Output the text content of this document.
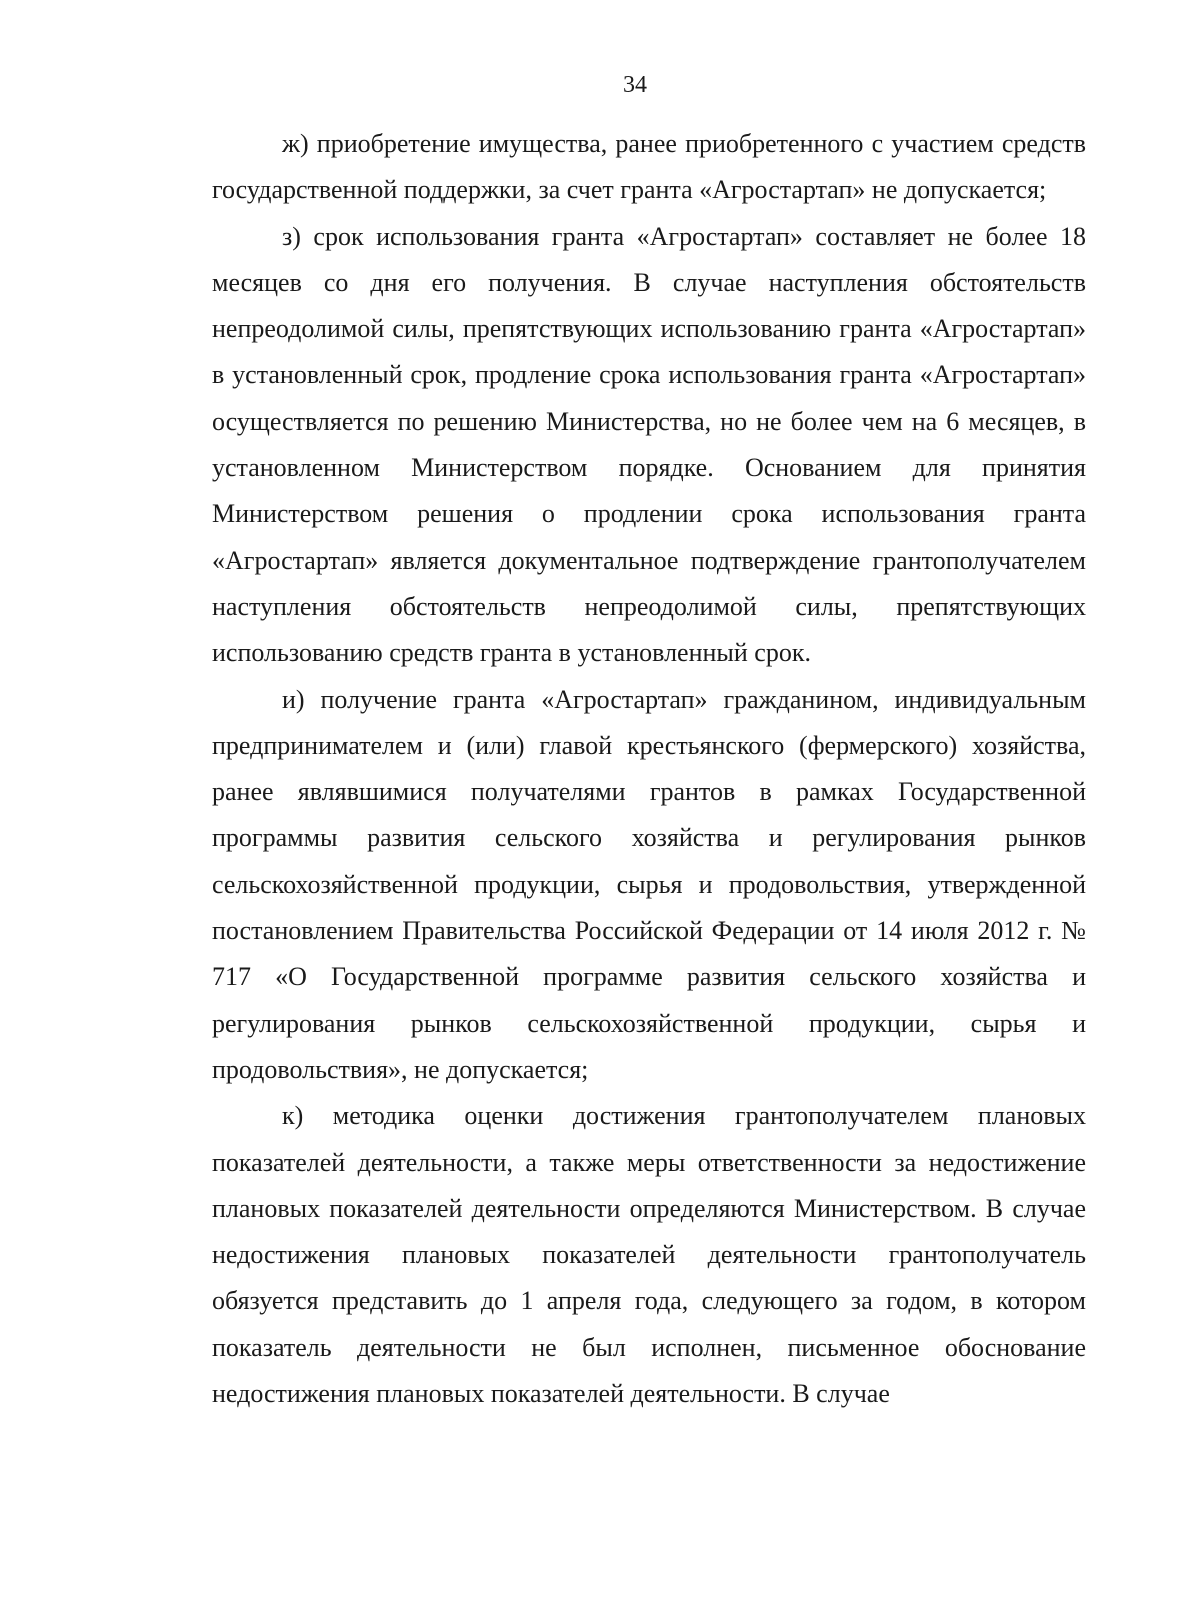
34

ж) приобретение имущества, ранее приобретенного с участием средств государственной поддержки, за счет гранта «Агростартап» не допускается;

з) срок использования гранта «Агростартап» составляет не более 18 месяцев со дня его получения. В случае наступления обстоятельств непреодолимой силы, препятствующих использованию гранта «Агростартап» в установленный срок, продление срока использования гранта «Агростартап» осуществляется по решению Министерства, но не более чем на 6 месяцев, в установленном Министерством порядке. Основанием для принятия Министерством решения о продлении срока использования гранта «Агростартап» является документальное подтверждение грантополучателем наступления обстоятельств непреодолимой силы, препятствующих использованию средств гранта в установленный срок.

и) получение гранта «Агростартап» гражданином, индивидуальным предпринимателем и (или) главой крестьянского (фермерского) хозяйства, ранее являвшимися получателями грантов в рамках Государственной программы развития сельского хозяйства и регулирования рынков сельскохозяйственной продукции, сырья и продовольствия, утвержденной постановлением Правительства Российской Федерации от 14 июля 2012 г. № 717 «О Государственной программе развития сельского хозяйства и регулирования рынков сельскохозяйственной продукции, сырья и продовольствия», не допускается;

к) методика оценки достижения грантополучателем плановых показателей деятельности, а также меры ответственности за недостижение плановых показателей деятельности определяются Министерством. В случае недостижения плановых показателей деятельности грантополучатель обязуется представить до 1 апреля года, следующего за годом, в котором показатель деятельности не был исполнен, письменное обоснование недостижения плановых показателей деятельности. В случае
